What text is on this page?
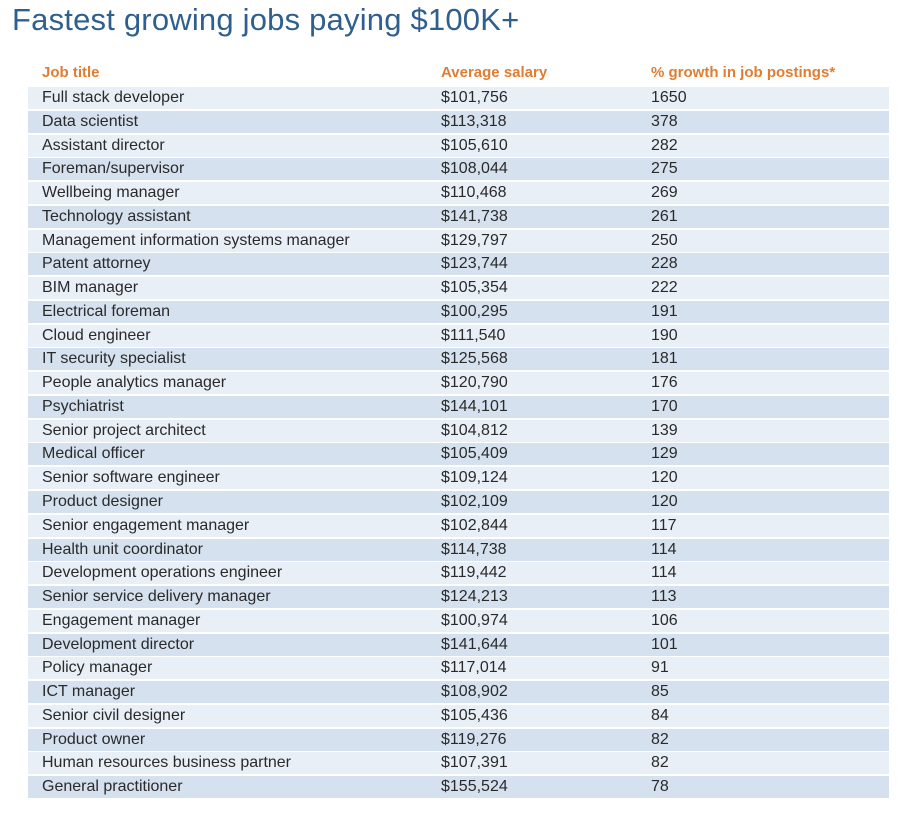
Fastest growing jobs paying $100K+
Job title	Average salary	% growth in job postings*
Full stack developer	$101,756	1650
Data scientist	$113,318	378
Assistant director	$105,610	282
Foreman/supervisor	$108,044	275
Wellbeing manager	$110,468	269
Technology assistant	$141,738	261
Management information systems manager	$129,797	250
Patent attorney	$123,744	228
BIM manager	$105,354	222
Electrical foreman	$100,295	191
Cloud engineer	$111,540	190
IT security specialist	$125,568	181
People analytics manager	$120,790	176
Psychiatrist	$144,101	170
Senior project architect	$104,812	139
Medical officer	$105,409	129
Senior software engineer	$109,124	120
Product designer	$102,109	120
Senior engagement manager	$102,844	117
Health unit coordinator	$114,738	114
Development operations engineer	$119,442	114
Senior service delivery manager	$124,213	113
Engagement manager	$100,974	106
Development director	$141,644	101
Policy manager	$117,014	91
ICT manager	$108,902	85
Senior civil designer	$105,436	84
Product owner	$119,276	82
Human resources business partner	$107,391	82
General practitioner	$155,524	78
